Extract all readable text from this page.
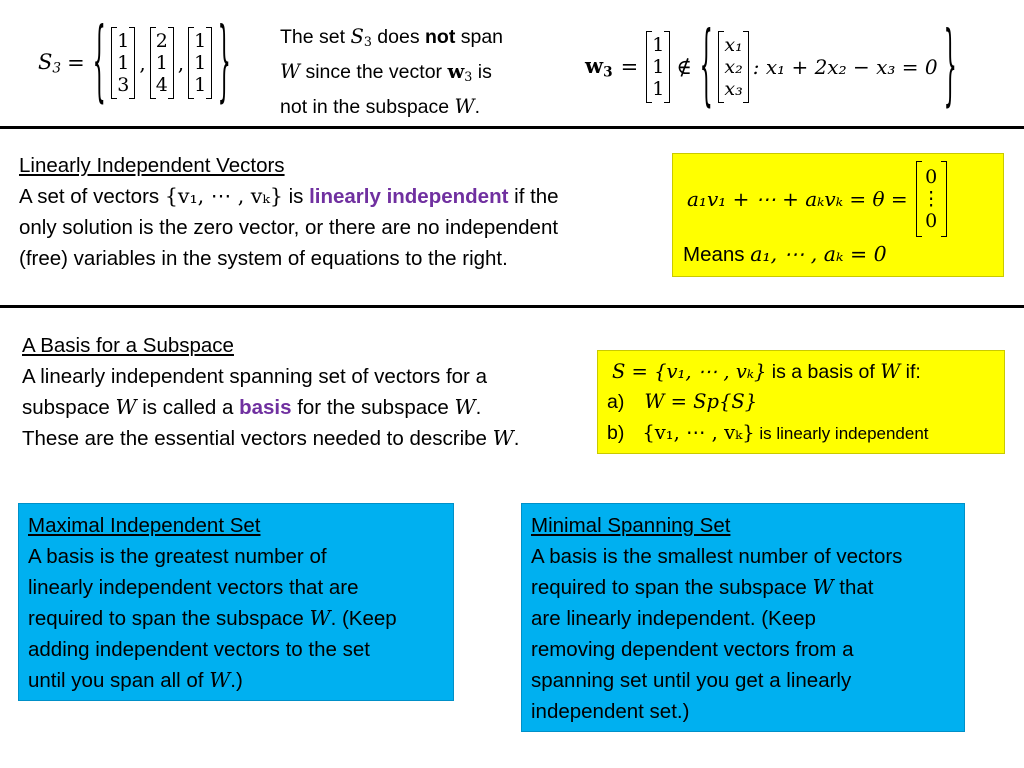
$S_3$ = { 1
1
3
,
2
1
4
,
1
1
1 }	The set $S_3$ does not span
W since the vector $w_3$ is
not in the subspace W.
$w_3$ =
1
1
1
∉ { x₁
x₂
x₃
: x₁ + 2x₂ − x₃ = 0 }
Linearly Independent Vectors
A set of vectors {v₁, ⋯ , vₖ} is linearly independent if the
only solution is the zero vector, or there are no independent
(free) variables in the system of equations to the right.
a₁v₁ + ⋯ + aₖvₖ = θ =
0
⋮
0
Means a₁, ⋯ , aₖ = 0
A Basis for a Subspace
A linearly independent spanning set of vectors for a
subspace W is called a basis for the subspace W.
These are the essential vectors needed to describe W.
S = {v₁, ⋯ , vₖ} is a basis of W if:
a) W = Sp{S}
b) {v₁, ⋯ , vₖ} is linearly independent
Maximal Independent Set
A basis is the greatest number of
linearly independent vectors that are
required to span the subspace W. (Keep
adding independent vectors to the set
until you span all of W.)
Minimal Spanning Set
A basis is the smallest number of vectors
required to span the subspace W that
are linearly independent. (Keep
removing dependent vectors from a
spanning set until you get a linearly
independent set.)
